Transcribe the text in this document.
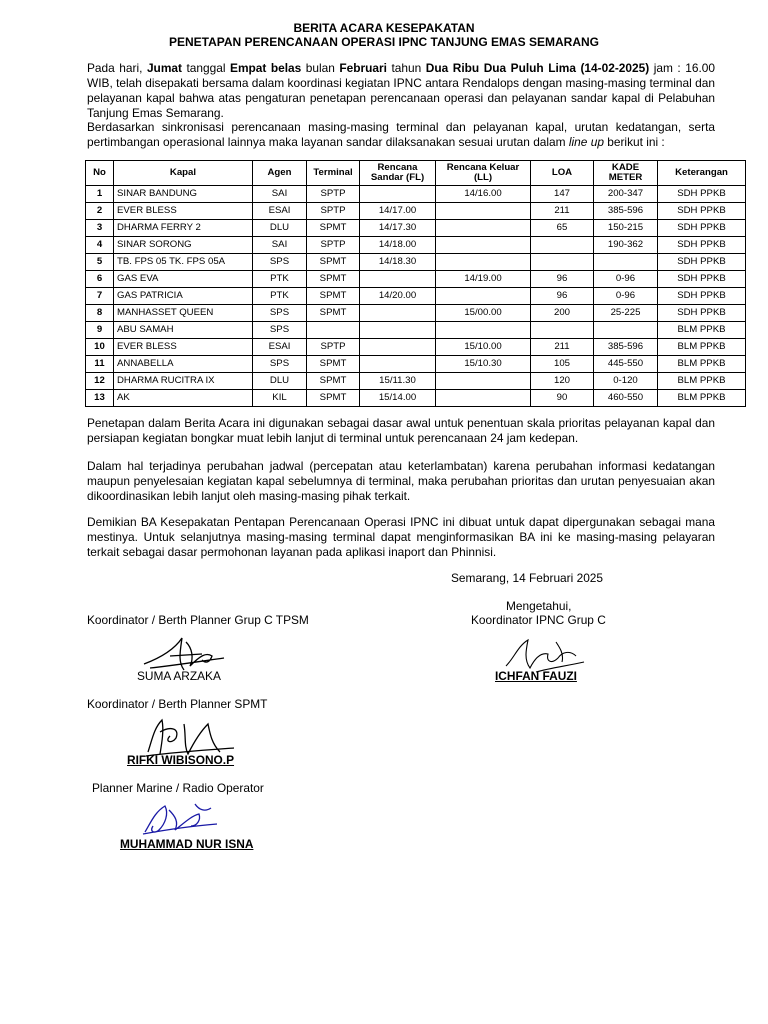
BERITA ACARA KESEPAKATAN
PENETAPAN PERENCANAAN OPERASI IPNC TANJUNG EMAS SEMARANG

Pada hari, Jumat tanggal Empat belas bulan Februari tahun Dua Ribu Dua Puluh Lima (14-02-2025) jam : 16.00 WIB, telah disepakati bersama dalam koordinasi kegiatan IPNC antara Rendalops dengan masing-masing terminal dan pelayanan kapal bahwa atas pengaturan penetapan perencanaan operasi dan pelayanan sandar kapal di Pelabuhan Tanjung Emas Semarang.

Berdasarkan sinkronisasi perencanaan masing-masing terminal dan pelayanan kapal, urutan kedatangan, serta pertimbangan operasional lainnya maka layanan sandar dilaksanakan sesuai urutan dalam line up berikut ini :

No	Kapal	Agen	Terminal	Rencana Sandar (FL)	Rencana Keluar (LL)	LOA	KADE METER	Keterangan
1	SINAR BANDUNG	SAI	SPTP		14/16.00	147	200-347	SDH PPKB
2	EVER BLESS	ESAI	SPTP	14/17.00		211	385-596	SDH PPKB
3	DHARMA FERRY 2	DLU	SPMT	14/17.30		65	150-215	SDH PPKB
4	SINAR SORONG	SAI	SPTP	14/18.00			190-362	SDH PPKB
5	TB. FPS 05 TK. FPS 05A	SPS	SPMT	14/18.30				SDH PPKB
6	GAS EVA	PTK	SPMT		14/19.00	96	0-96	SDH PPKB
7	GAS PATRICIA	PTK	SPMT	14/20.00		96	0-96	SDH PPKB
8	MANHASSET QUEEN	SPS	SPMT		15/00.00	200	25-225	SDH PPKB
9	ABU SAMAH	SPS						BLM PPKB
10	EVER BLESS	ESAI	SPTP		15/10.00	211	385-596	BLM PPKB
11	ANNABELLA	SPS	SPMT		15/10.30	105	445-550	BLM PPKB
12	DHARMA RUCITRA IX	DLU	SPMT	15/11.30		120	0-120	BLM PPKB
13	AK	KIL	SPMT	15/14.00		90	460-550	BLM PPKB

Penetapan dalam Berita Acara ini digunakan sebagai dasar awal untuk penentuan skala prioritas pelayanan kapal dan persiapan kegiatan bongkar muat lebih lanjut di terminal untuk perencanaan 24 jam kedepan.

Dalam hal terjadinya perubahan jadwal (percepatan atau keterlambatan) karena perubahan informasi kedatangan maupun penyelesaian kegiatan kapal sebelumnya di terminal, maka perubahan prioritas dan urutan penyesuaian akan dikoordinasikan lebih lanjut oleh masing-masing pihak terkait.

Demikian BA Kesepakatan Pentapan Perencanaan Operasi IPNC ini dibuat untuk dapat dipergunakan sebagai mana mestinya. Untuk selanjutnya masing-masing terminal dapat menginformasikan BA ini ke masing-masing pelayaran terkait sebagai dasar permohonan layanan pada aplikasi inaport dan Phinnisi.

Semarang, 14 Februari 2025
Mengetahui,
Koordinator IPNC Grup C
Koordinator / Berth Planner Grup C TPSM
SUMA ARZAKA	ICHFAN FAUZI
Koordinator / Berth Planner SPMT
RIFKI WIBISONO.P
Planner Marine / Radio Operator
MUHAMMAD NUR ISNA
